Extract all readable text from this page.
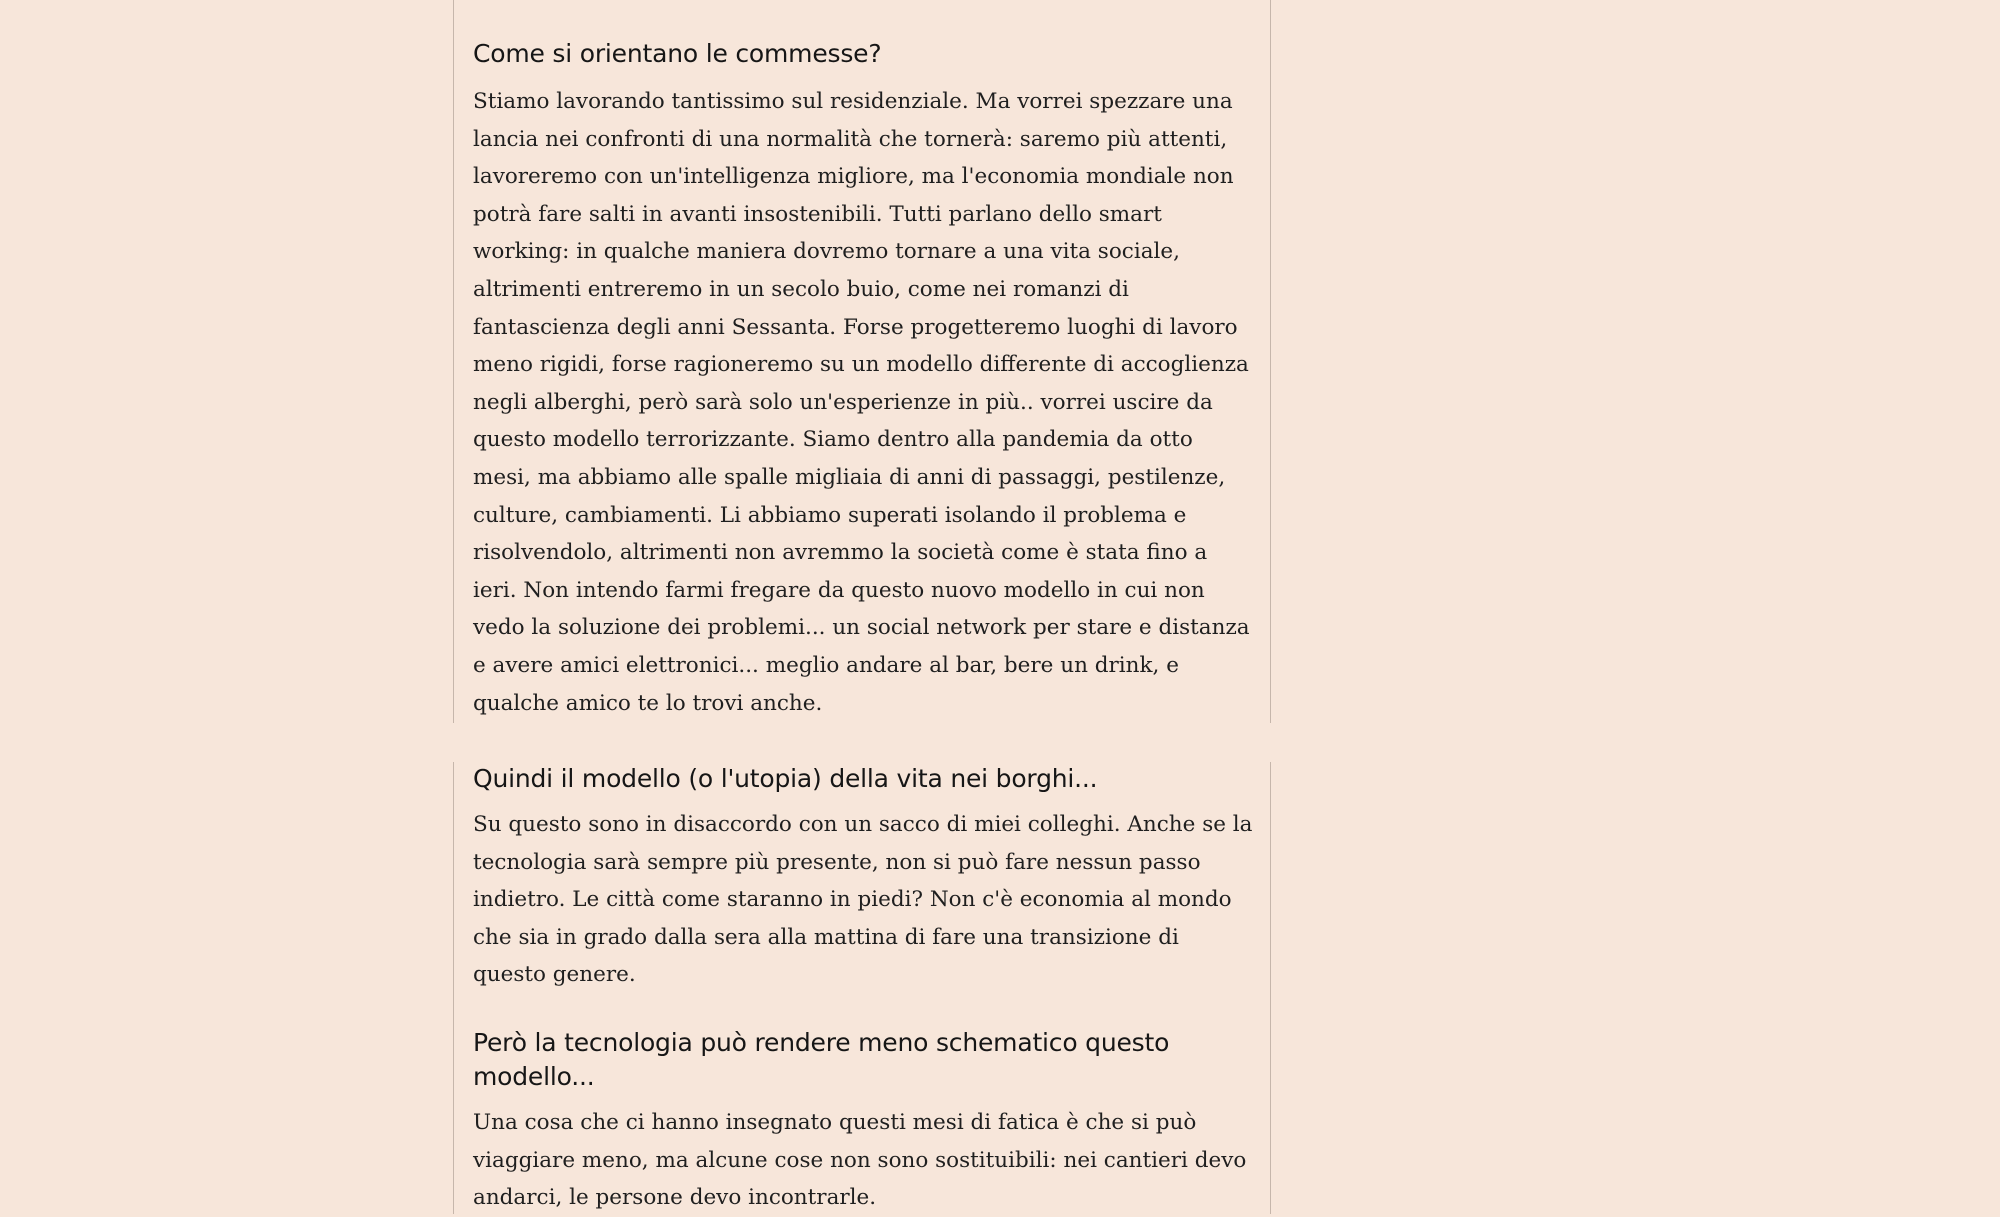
Come si orientano le commesse?

Stiamo lavorando tantissimo sul residenziale. Ma vorrei spezzare una lancia nei confronti di una normalità che tornerà: saremo più attenti, lavoreremo con un'intelligenza migliore, ma l'economia mondiale non potrà fare salti in avanti insostenibili. Tutti parlano dello smart working: in qualche maniera dovremo tornare a una vita sociale, altrimenti entreremo in un secolo buio, come nei romanzi di fantascienza degli anni Sessanta. Forse progetteremo luoghi di lavoro meno rigidi, forse ragioneremo su un modello differente di accoglienza negli alberghi, però sarà solo un'esperienze in più.. vorrei uscire da questo modello terrorizzante. Siamo dentro alla pandemia da otto mesi, ma abbiamo alle spalle migliaia di anni di passaggi, pestilenze, culture, cambiamenti. Li abbiamo superati isolando il problema e risolvendolo, altrimenti non avremmo la società come è stata fino a ieri. Non intendo farmi fregare da questo nuovo modello in cui non vedo la soluzione dei problemi... un social network per stare e distanza e avere amici elettronici... meglio andare al bar, bere un drink, e qualche amico te lo trovi anche.

Quindi il modello (o l'utopia) della vita nei borghi...

Su questo sono in disaccordo con un sacco di miei colleghi. Anche se la tecnologia sarà sempre più presente, non si può fare nessun passo indietro. Le città come staranno in piedi? Non c'è economia al mondo che sia in grado dalla sera alla mattina di fare una transizione di questo genere.

Però la tecnologia può rendere meno schematico questo modello...

Una cosa che ci hanno insegnato questi mesi di fatica è che si può viaggiare meno, ma alcune cose non sono sostituibili: nei cantieri devo andarci, le persone devo incontrarle.
